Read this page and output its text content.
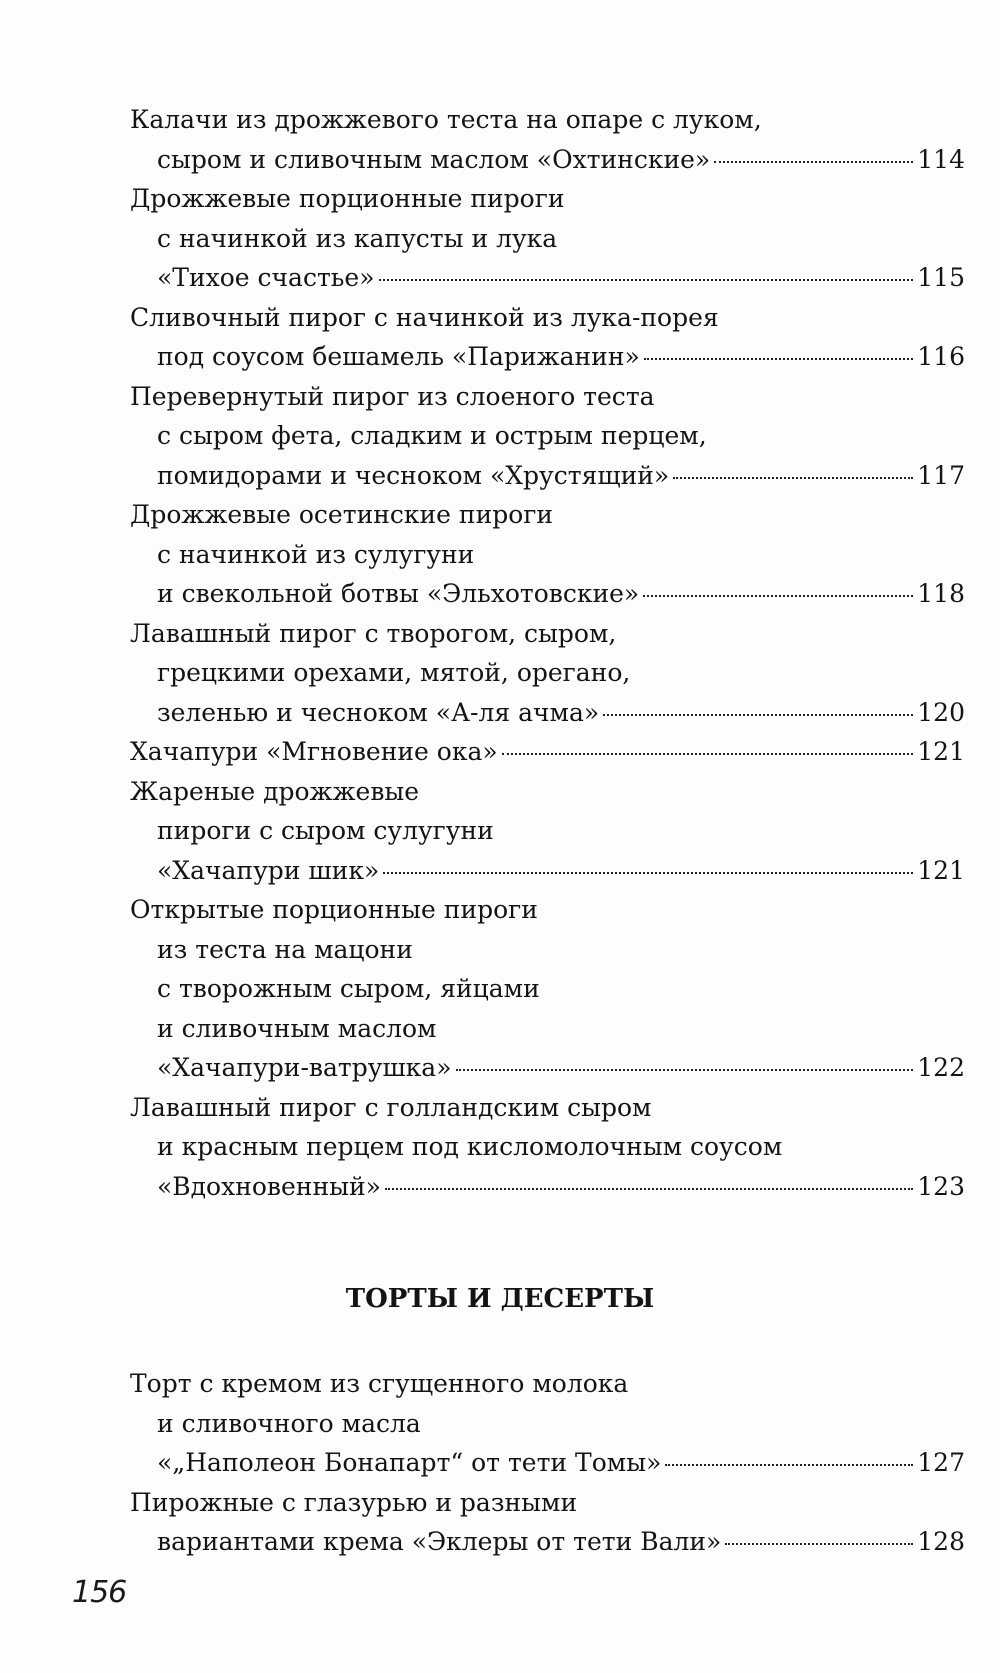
Калачи из дрожжевого теста на опаре с луком,
сыром и сливочным маслом «Охтинские»	114
Дрожжевые порционные пироги
с начинкой из капусты и лука
«Тихое счастье»	115
Сливочный пирог с начинкой из лука-порея
под соусом бешамель «Парижанин»	116
Перевернутый пирог из слоеного теста
с сыром фета, сладким и острым перцем,
помидорами и чесноком «Хрустящий»	117
Дрожжевые осетинские пироги
с начинкой из сулугуни
и свекольной ботвы «Эльхотовские»	118
Лавашный пирог с творогом, сыром,
грецкими орехами, мятой, орегано,
зеленью и чесноком «А-ля ачма»	120
Хачапури «Мгновение ока»	121
Жареные дрожжевые
пироги с сыром сулугуни
«Хачапури шик»	121
Открытые порционные пироги
из теста на мацони
с творожным сыром, яйцами
и сливочным маслом
«Хачапури-ватрушка»	122
Лавашный пирог с голландским сыром
и красным перцем под кисломолочным соусом
«Вдохновенный»	123
ТОРТЫ И ДЕСЕРТЫ
Торт с кремом из сгущенного молока
и сливочного масла
«„Наполеон Бонапарт“ от тети Томы»	127
Пирожные с глазурью и разными
вариантами крема «Эклеры от тети Вали»	128
156
